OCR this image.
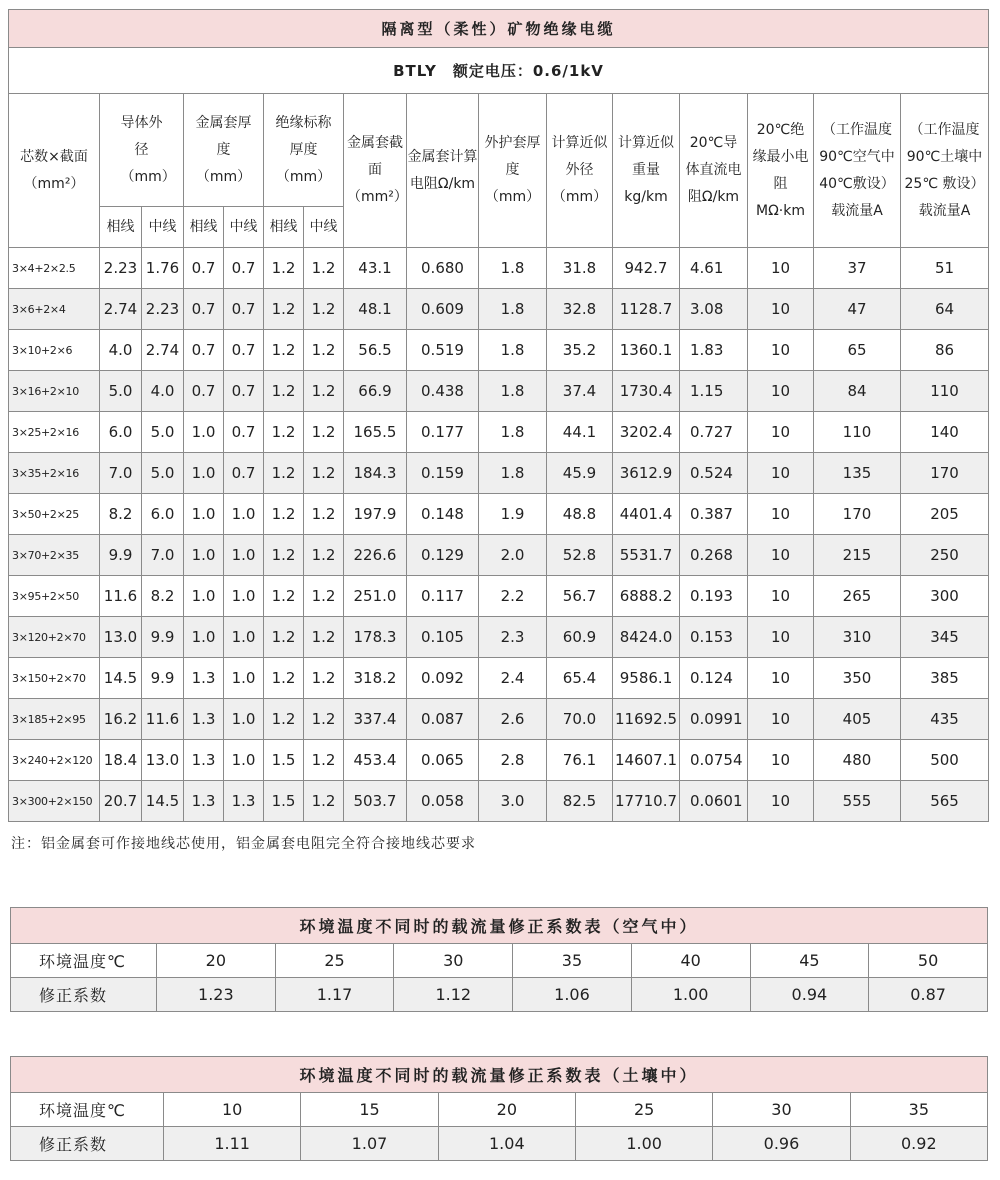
隔离型（柔性）矿物绝缘电缆															
BTLY　额定电压：0.6/1kV															

芯数×截面（mm²）	导体外径（mm）		金属套厚度（mm）		绝缘标称厚度（mm）		金属套截面（mm²）	金属套计算电阻Ω/km	外护套厚度（mm）	计算近似外径（mm）	计算近似重量kg/km	20℃导体直流电阻Ω/km	20℃绝缘最小电阻MΩ·km	（工作温度90℃空气中40℃敷设）载流量A	（工作温度90℃土壤中25℃ 敷设）载流量A

	相线	中线	相线	中线	相线	中线									
3×4+2×2.5	2.23	1.76	0.7	0.7	1.2	1.2	43.1	0.680	1.8	31.8	942.7	4.61	10	37	51
3×6+2×4	2.74	2.23	0.7	0.7	1.2	1.2	48.1	0.609	1.8	32.8	1128.7	3.08	10	47	64
3×10+2×6	4.0	2.74	0.7	0.7	1.2	1.2	56.5	0.519	1.8	35.2	1360.1	1.83	10	65	86
3×16+2×10	5.0	4.0	0.7	0.7	1.2	1.2	66.9	0.438	1.8	37.4	1730.4	1.15	10	84	110
3×25+2×16	6.0	5.0	1.0	0.7	1.2	1.2	165.5	0.177	1.8	44.1	3202.4	0.727	10	110	140
3×35+2×16	7.0	5.0	1.0	0.7	1.2	1.2	184.3	0.159	1.8	45.9	3612.9	0.524	10	135	170
3×50+2×25	8.2	6.0	1.0	1.0	1.2	1.2	197.9	0.148	1.9	48.8	4401.4	0.387	10	170	205
3×70+2×35	9.9	7.0	1.0	1.0	1.2	1.2	226.6	0.129	2.0	52.8	5531.7	0.268	10	215	250
3×95+2×50	11.6	8.2	1.0	1.0	1.2	1.2	251.0	0.117	2.2	56.7	6888.2	0.193	10	265	300
3×120+2×70	13.0	9.9	1.0	1.0	1.2	1.2	178.3	0.105	2.3	60.9	8424.0	0.153	10	310	345
3×150+2×70	14.5	9.9	1.3	1.0	1.2	1.2	318.2	0.092	2.4	65.4	9586.1	0.124	10	350	385
3×185+2×95	16.2	11.6	1.3	1.0	1.2	1.2	337.4	0.087	2.6	70.0	11692.5	0.0991	10	405	435
3×240+2×120	18.4	13.0	1.3	1.0	1.5	1.2	453.4	0.065	2.8	76.1	14607.1	0.0754	10	480	500
3×300+2×150	20.7	14.5	1.3	1.3	1.5	1.2	503.7	0.058	3.0	82.5	17710.7	0.0601	10	555	565
注：铝金属套可作接地线芯使用，铝金属套电阻完全符合接地线芯要求
环境温度不同时的载流量修正系数表（空气中）							
环境温度℃	20	25	30	35	40	45	50
修正系数	1.23	1.17	1.12	1.06	1.00	0.94	0.87
环境温度不同时的载流量修正系数表（土壤中）						
环境温度℃	10	15	20	25	30	35
修正系数	1.11	1.07	1.04	1.00	0.96	0.92
